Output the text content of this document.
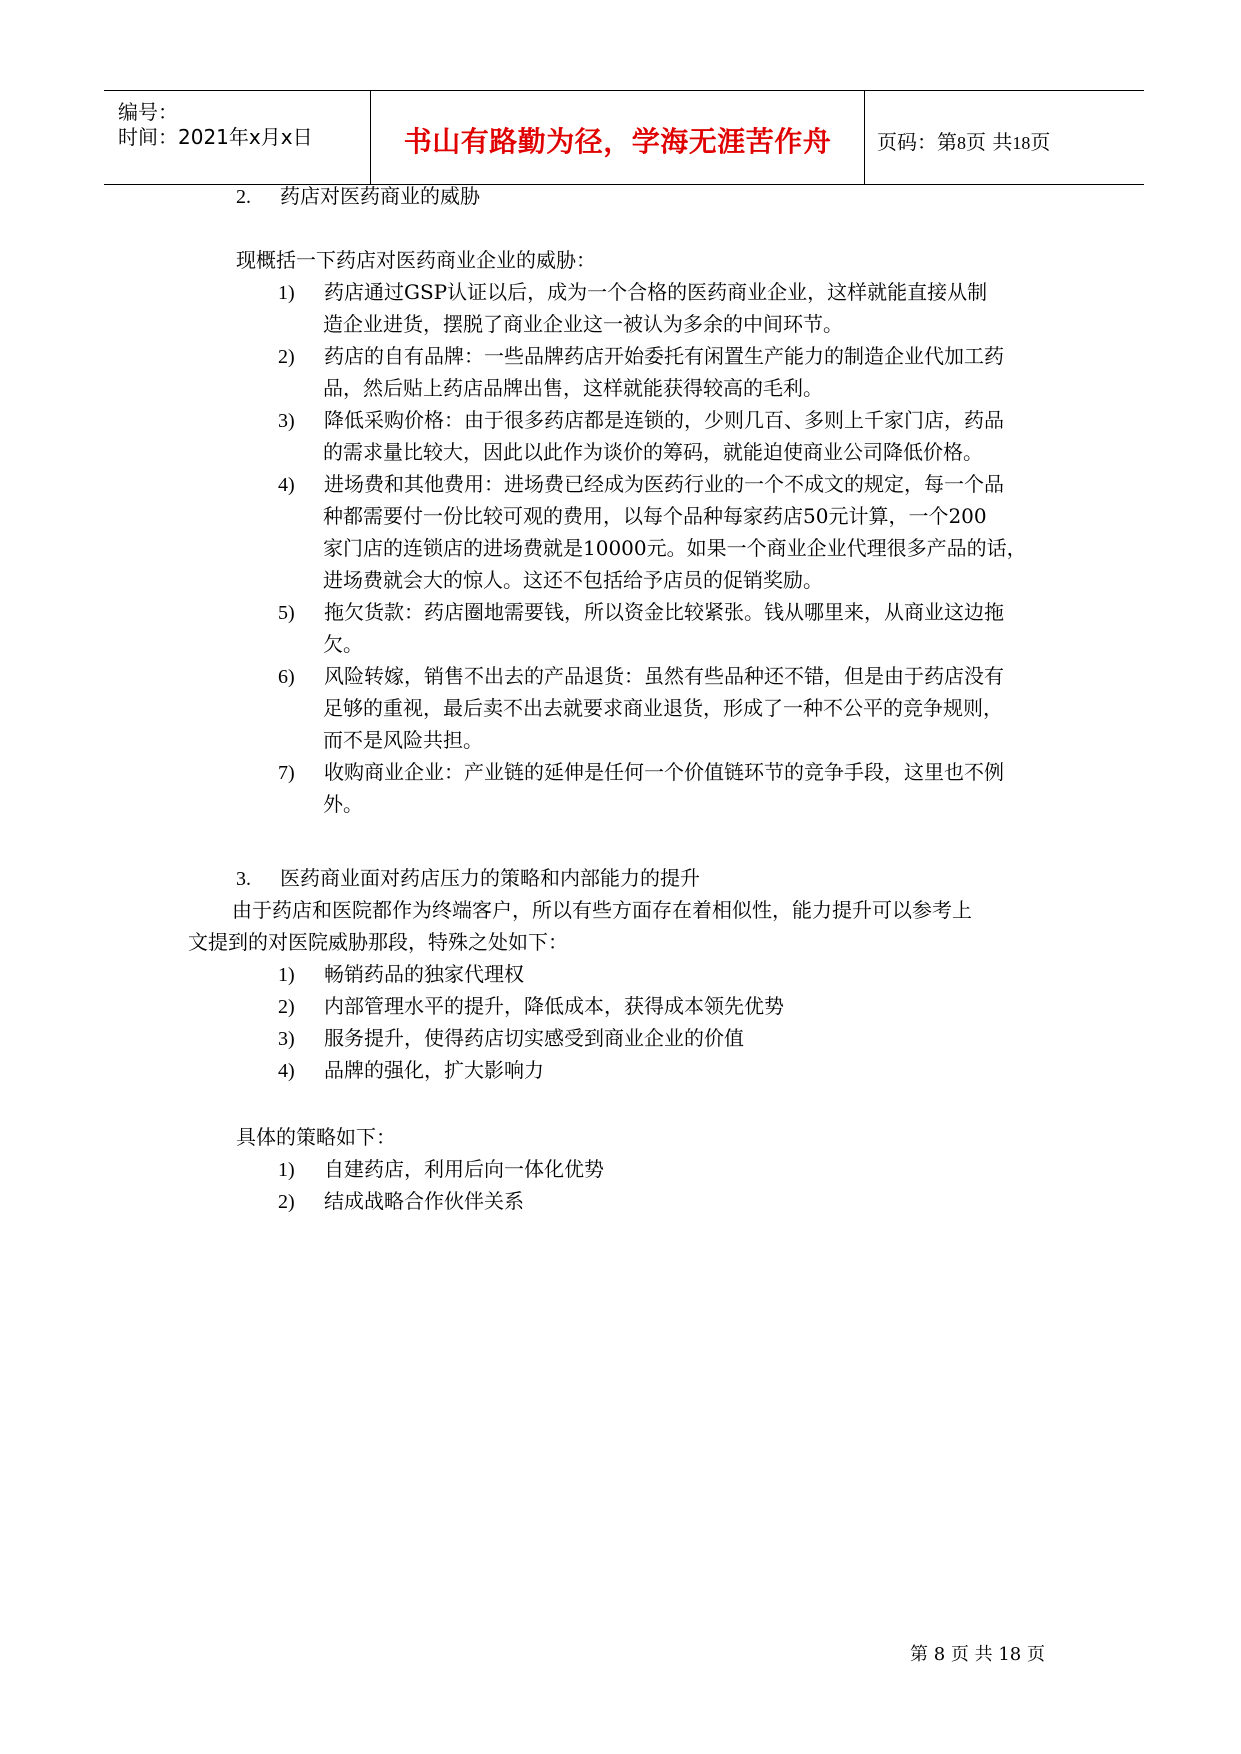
编号：
时间：2021年x月x日	书山有路勤为径，学海无涯苦作舟	页码：第8页 共18页
2. 药店对医药商业的威胁
现概括一下药店对医药商业企业的威胁：
1) 药店通过GSP认证以后，成为一个合格的医药商业企业，这样就能直接从制
造企业进货，摆脱了商业企业这一被认为多余的中间环节。
2) 药店的自有品牌：一些品牌药店开始委托有闲置生产能力的制造企业代加工药
品，然后贴上药店品牌出售，这样就能获得较高的毛利。
3) 降低采购价格：由于很多药店都是连锁的，少则几百、多则上千家门店，药品
的需求量比较大，因此以此作为谈价的筹码，就能迫使商业公司降低价格。
4) 进场费和其他费用：进场费已经成为医药行业的一个不成文的规定，每一个品
种都需要付一份比较可观的费用，以每个品种每家药店50元计算，一个200
家门店的连锁店的进场费就是10000元。如果一个商业企业代理很多产品的话，
进场费就会大的惊人。这还不包括给予店员的促销奖励。
5) 拖欠货款：药店圈地需要钱，所以资金比较紧张。钱从哪里来，从商业这边拖
欠。
6) 风险转嫁，销售不出去的产品退货：虽然有些品种还不错，但是由于药店没有
足够的重视，最后卖不出去就要求商业退货，形成了一种不公平的竞争规则，
而不是风险共担。
7) 收购商业企业：产业链的延伸是任何一个价值链环节的竞争手段，这里也不例
外。
3. 医药商业面对药店压力的策略和内部能力的提升
由于药店和医院都作为终端客户，所以有些方面存在着相似性，能力提升可以参考上
文提到的对医院威胁那段，特殊之处如下：
1) 畅销药品的独家代理权
2) 内部管理水平的提升，降低成本，获得成本领先优势
3) 服务提升，使得药店切实感受到商业企业的价值
4) 品牌的强化，扩大影响力
具体的策略如下：
1) 自建药店，利用后向一体化优势
2) 结成战略合作伙伴关系
第 8 页 共 18 页
